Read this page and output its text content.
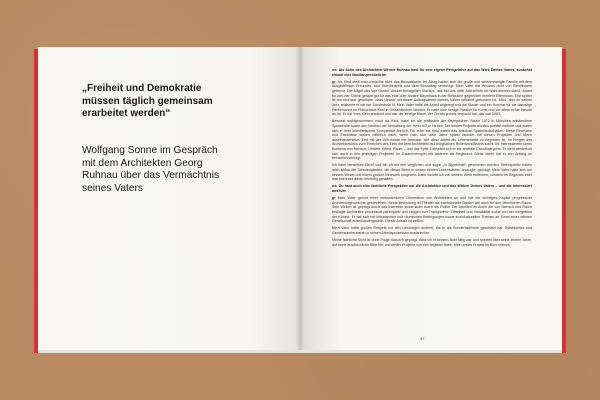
„Freiheit und Demokratie
müssen täglich gemeinsam
erarbeitet werden“
Wolfgang Sonne im Gespräch
mit dem Architekten Georg
Ruhnau über das Vermächtnis
seines Vaters

ws Als Sohn des Architekten Werner Ruhnau hast Du eine eigene Perspektive auf das Werk Deines Vaters, zunächst einmal eine familiär-persönliche.

gr Als Kind stellt man zunächst nicht das Bewusstsein. Im Alltag haben sich die große und weitverzweigte Familie mit dem ausgedehnten Freundes- und Künstlerkreis und dem Büroalltag vermengt. Mein Vater hat Privates nicht von Beruflichem getrennt. Die Nägel des von Günter Uecker benagelten Klaviers, das bei uns viele Jahrzehnte im Wohnzimmer stand, waren für uns vier Söhne gerade gut für das eine oder andere Baumhaus in der Reihsiche gegenüber meinem Elternhaus. Erst später ist mir bewusst geworden, dass Uecker mit dieser Auftragsarbeit meines Vaters bekannt geworden ist, 1964, also im selben Jahr, reisiserte er bei der Documenta III. Mein Vater hatte die Arbeit angeregt und die Klavier und ein Honorar für die damalige Performance im Planschaus Kohl in Gelsenkirchen bezahlt. Er hatte eine riesige Passion für Kunst und vor allem echte Freude an ihr. Er hat Yves Klein entdeckt und war der einzige Mann, der Christo jemals verpackt hat, das war 1963.

Bewusst wahrgenommen, noch als Kind, habe ich die anlässlich der Olympischen Spiele 1972 in München entstandene Spielstraße sowie den Neubau der Verwaltung der Hertz KG in Herten. Die beiden Projekte wurden parallel entführt und waren sich in ihrer künstlerischen Komplexität ähnlich. Für mich als Kind waren das absolute Spielelandschaften. Diese Eindrücke und Erlebnisse wirken natürlich nach, wenn man sich viele Jahre später fachlich mit diesen Projekten und Ideen auseinandersetzt. Erst mit der Zeit wurde mir bewusst, wie diese Arbeit als Lebensweise zu begreifen ist, im Ringen des Architekturbüros zum Erreichen des Ziels mit dem Architekten auf integrativen Rollenverständnis sucht. Ihr Interessierten Ideen Konsens von Mensch, Umwelt, Klima, Raum – und das Spiel. Leitfaden soll er als zentrale Grundkategorie. Er sieht wiederholt sich auch in den jeweiligen Projekten im Zusammenspiel mit anderen als Regisseur. Diese Ideen hat er von Anfang an beharrlich verfolgt.

Ich habe denselben Beruf und bin oft mit ihm verglichen und sogar „in Sippenhaft“ genommen worden. Retrospektiv haben mich selbst die Schwierigkeiten, die dieser Beruf in seinen beiden Lebensläufen erzeugte, geprägt. Mein Vater hatte sich bei seinem Wirken mit einem großen Netzwerk umgeben. Dafür konnte ich von seinem Werk entfernen, sondern im Gegenteil eher das Interesse daran lebendig gehalten.

ws Du hast auch eine fachliche Perspektive auf die Architektur und das Wirken Deines Vaters – und die interessiert uns hier.

gr Mein Vater gehört einer einflussreichen Generation von Architekten an und hat ein wichtiges Kapitel progressiver Architekturgeschichte geschrieben. Seine Bedeutung ist Theater als institutionelle Bauten wie auch für den öffentlichen Raum. Sein Wirken ist geprägt durch das Interesse sowie auch durch die Politik. Die Arbeiten ist durch die von Mensch und Raum bedingte Architektur prozessual partizipativ und zeugen von Transparenz, Offenheit und Variabilität sowie von der Integration der Künste. Er hat sich mit klimatischen und räumlichen Bedingungen sowie soziokulturellen Themen im Sinne einer offenen Gesellschaft auseinandergesetzt. Dieser Ansatz ist zeitlos.

Mein Vater hatte großen Respekt vor den Leistungen anderer, die er als Sonderfachleute geschätzt hat. Individuelles und Gemeinsames waren in seinen Arbeitsprozessen austarierbar.

Meine fachliche Sicht ist ohne Frage dadurch geprägt, dass ich in seinem Büro tätig war und speziell über seine letzten Jahre, auf seine ausdrückliche Bitte hin, mir wieder Projekte von ihm begleitet habe. Mein erstes Projekt im Büro meines

47
